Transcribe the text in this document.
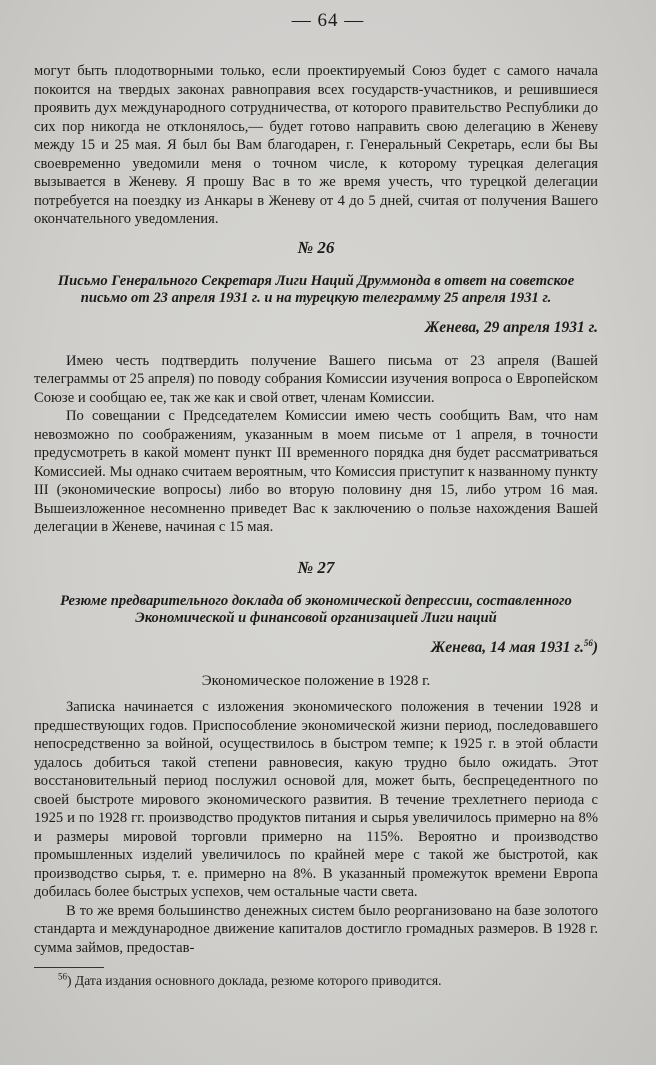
— 64 —

могут быть плодотворными только, если проектируемый Союз будет с самого начала покоится на твердых законах равноправия всех государств-участников, и решившиеся проявить дух международного сотрудничества, от которого правительство Республики до сих пор никогда не отклонялось,— будет готово направить свою делегацию в Женеву между 15 и 25 мая. Я был бы Вам благодарен, г. Генеральный Секретарь, если бы Вы своевременно уведомили меня о точном числе, к которому турецкая делегация вызывается в Женеву. Я прошу Вас в то же время учесть, что турецкой делегации потребуется на поездку из Анкары в Женеву от 4 до 5 дней, считая от получения Вашего окончательного уведомления.

№ 26
Письмо Генерального Секретаря Лиги Наций Друммонда в ответ на советское письмо от 23 апреля 1931 г. и на турецкую телеграмму 25 апреля 1931 г.
Женева, 29 апреля 1931 г.

Имею честь подтвердить получение Вашего письма от 23 апреля (Вашей телеграммы от 25 апреля) по поводу собрания Комиссии изучения вопроса о Европейском Союзе и сообщаю ее, так же как и свой ответ, членам Комиссии.

По совещании с Председателем Комиссии имею честь сообщить Вам, что нам невозможно по соображениям, указанным в моем письме от 1 апреля, в точности предусмотреть в какой момент пункт III временного порядка дня будет рассматриваться Комиссией. Мы однако считаем вероятным, что Комиссия приступит к названному пункту III (экономические вопросы) либо во вторую половину дня 15, либо утром 16 мая. Вышеизложенное несомненно приведет Вас к заключению о пользе нахождения Вашей делегации в Женеве, начиная с 15 мая.

№ 27
Резюме предварительного доклада об экономической депрессии, составленного Экономической и финансовой организацией Лиги наций
Женева, 14 мая 1931 г.$^{56}$)
Экономическое положение в 1928 г.

Записка начинается с изложения экономического положения в течении 1928 и предшествующих годов. Приспособление экономической жизни период, последовавшего непосредственно за войной, осуществилось в быстром темпе; к 1925 г. в этой области удалось добиться такой степени равновесия, какую трудно было ожидать. Этот восстановительный период послужил основой для, может быть, беспрецедентного по своей быстроте мирового экономического развития. В течение трехлетнего периода с 1925 и по 1928 гг. производство продуктов питания и сырья увеличилось примерно на 8% и размеры мировой торговли примерно на 115%. Вероятно и производство промышленных изделий увеличилось по крайней мере с такой же быстротой, как производство сырья, т. е. примерно на 8%. В указанный промежуток времени Европа добилась более быстрых успехов, чем остальные части света.

В то же время большинство денежных систем было реорганизовано на базе золотого стандарта и международное движение капиталов достигло громадных размеров. В 1928 г. сумма займов, предостав-

$^{56}$) Дата издания основного доклада, резюме которого приводится.
